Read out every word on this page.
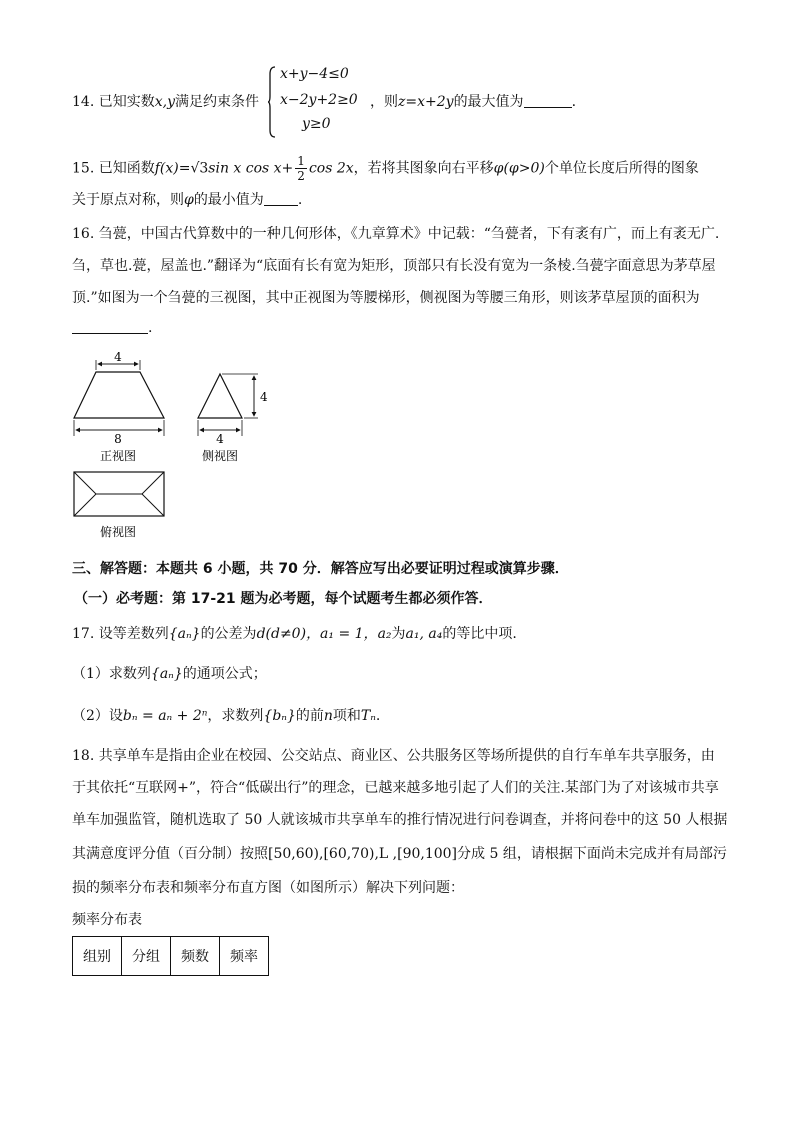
14. 已知实数x,y满足约束条件
x+y−4≤0
x−2y+2≥0
y≥0
，则z=x+2y的最大值为	.
15. 已知函数f(x)=√3sin x $\cos x+ \frac{1}{2}$ cos 2x，若将其图象向右平移φ(φ>0)个单位长度后所得的图象
关于原点对称，则φ的最小值为 .
16. 刍甍，中国古代算数中的一种几何形体，《九章算术》中记载：“刍甍者，下有袤有广，而上有袤无广.
刍，草也.甍，屋盖也.”翻译为“底面有长有宽为矩形，顶部只有长没有宽为一条棱.刍甍字面意思为茅草屋
顶.”如图为一个刍甍的三视图，其中正视图为等腰梯形，侧视图为等腰三角形，则该茅草屋顶的面积为
.
4
8
正视图
4
4
侧视图
俯视图
三、解答题：本题共 6 小题，共 70 分．解答应写出必要证明过程或演算步骤．
（一）必考题：第 17-21 题为必考题，每个试题考生都必须作答．
17. 设等差数列{aₙ}的公差为d(d≠0)，a₁ = 1，a₂为a₁, a₄的等比中项.
（1）求数列{aₙ}的通项公式；
（2）设bₙ = aₙ + 2ⁿ，求数列{bₙ}的前n项和Tₙ.
18. 共享单车是指由企业在校园、公交站点、商业区、公共服务区等场所提供的自行车单车共享服务，由
于其依托“互联网+”，符合“低碳出行”的理念，已越来越多地引起了人们的关注.某部门为了对该城市共享
单车加强监管，随机选取了 50 人就该城市共享单车的推行情况进行问卷调查，并将问卷中的这 50 人根据
其满意度评分值（百分制）按照[50,60),[60,70),L ,[90,100]分成 5 组，请根据下面尚未完成并有局部污
损的频率分布表和频率分布直方图（如图所示）解决下列问题：
频率分布表
组别	分组	频数	频率
